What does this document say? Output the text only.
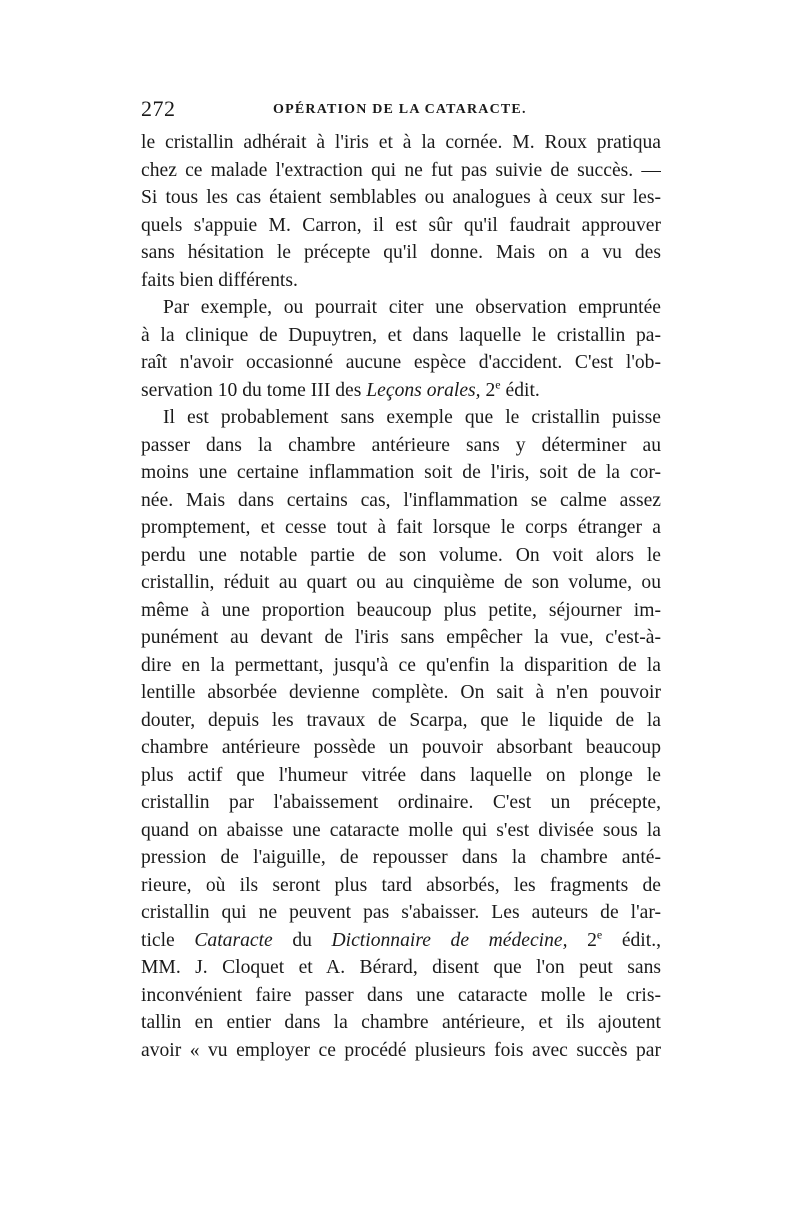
272	OPÉRATION DE LA CATARACTE.
le cristallin adhérait à l'iris et à la cornée. M. Roux pratiqua
chez ce malade l'extraction qui ne fut pas suivie de succès. —
Si tous les cas étaient semblables ou analogues à ceux sur les-
quels s'appuie M. Carron, il est sûr qu'il faudrait approuver
sans hésitation le précepte qu'il donne. Mais on a vu des
faits bien différents.
Par exemple, ou pourrait citer une observation empruntée
à la clinique de Dupuytren, et dans laquelle le cristallin pa-
raît n'avoir occasionné aucune espèce d'accident. C'est l'ob-
servation 10 du tome III des Leçons orales, 2e édit.
Il est probablement sans exemple que le cristallin puisse
passer dans la chambre antérieure sans y déterminer au
moins une certaine inflammation soit de l'iris, soit de la cor-
née. Mais dans certains cas, l'inflammation se calme assez
promptement, et cesse tout à fait lorsque le corps étranger a
perdu une notable partie de son volume. On voit alors le
cristallin, réduit au quart ou au cinquième de son volume, ou
même à une proportion beaucoup plus petite, séjourner im-
punément au devant de l'iris sans empêcher la vue, c'est-à-
dire en la permettant, jusqu'à ce qu'enfin la disparition de la
lentille absorbée devienne complète. On sait à n'en pouvoir
douter, depuis les travaux de Scarpa, que le liquide de la
chambre antérieure possède un pouvoir absorbant beaucoup
plus actif que l'humeur vitrée dans laquelle on plonge le
cristallin par l'abaissement ordinaire. C'est un précepte,
quand on abaisse une cataracte molle qui s'est divisée sous la
pression de l'aiguille, de repousser dans la chambre anté-
rieure, où ils seront plus tard absorbés, les fragments de
cristallin qui ne peuvent pas s'abaisser. Les auteurs de l'ar-
ticle Cataracte du Dictionnaire de médecine, 2e édit.,
MM. J. Cloquet et A. Bérard, disent que l'on peut sans
inconvénient faire passer dans une cataracte molle le cris-
tallin en entier dans la chambre antérieure, et ils ajoutent
avoir « vu employer ce procédé plusieurs fois avec succès par
